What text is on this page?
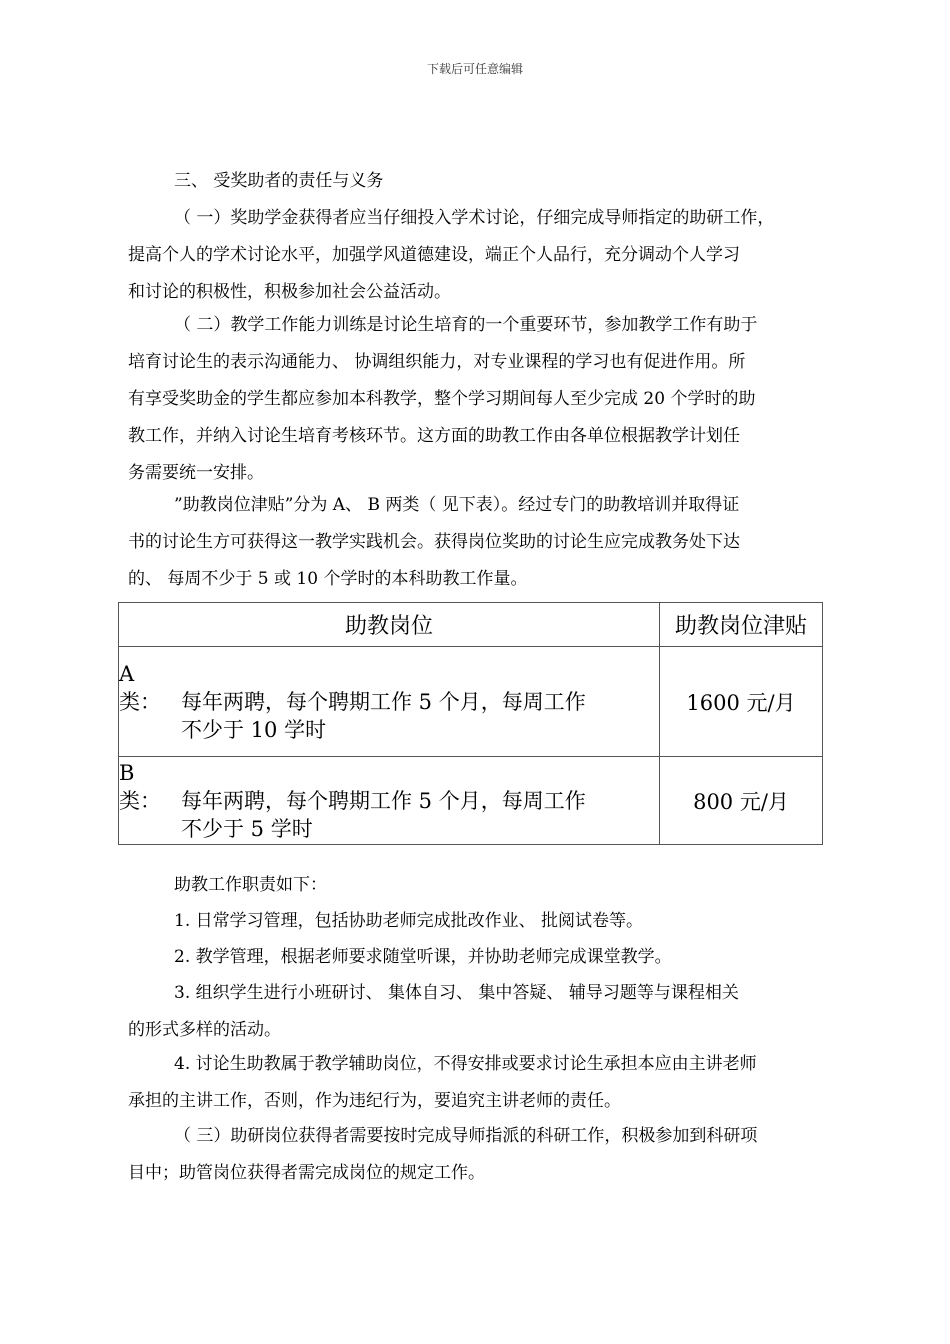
下载后可任意编辑
三、 受奖助者的责任与义务
（ 一）奖助学金获得者应当仔细投入学术讨论，仔细完成导师指定的助研工作，
提高个人的学术讨论水平，加强学风道德建设，端正个人品行，充分调动个人学习
和讨论的积极性，积极参加社会公益活动。
（ 二）教学工作能力训练是讨论生培育的一个重要环节，参加教学工作有助于
培育讨论生的表示沟通能力、 协调组织能力，对专业课程的学习也有促进作用。所
有享受奖助金的学生都应参加本科教学，整个学习期间每人至少完成 20 个学时的助
教工作，并纳入讨论生培育考核环节。这方面的助教工作由各单位根据教学计划任
务需要统一安排。
”助教岗位津贴”分为 A、 B 两类（ 见下表）。经过专门的助教培训并取得证
书的讨论生方可获得这一教学实践机会。获得岗位奖助的讨论生应完成教务处下达
的、 每周不少于 5 或 10 个学时的本科助教工作量。
助教岗位	助教岗位津贴

A 类： 每年两聘，每个聘期工作 5 个月，每周工作
不少于 10 学时	1600 元/月

B 类： 每年两聘，每个聘期工作 5 个月，每周工作
不少于 5 学时	800 元/月
助教工作职责如下：
1. 日常学习管理，包括协助老师完成批改作业、 批阅试卷等。
2. 教学管理，根据老师要求随堂听课，并协助老师完成课堂教学。
3. 组织学生进行小班研讨、 集体自习、 集中答疑、 辅导习题等与课程相关
的形式多样的活动。
4. 讨论生助教属于教学辅助岗位，不得安排或要求讨论生承担本应由主讲老师
承担的主讲工作，否则，作为违纪行为，要追究主讲老师的责任。
（ 三）助研岗位获得者需要按时完成导师指派的科研工作，积极参加到科研项
目中；助管岗位获得者需完成岗位的规定工作。
